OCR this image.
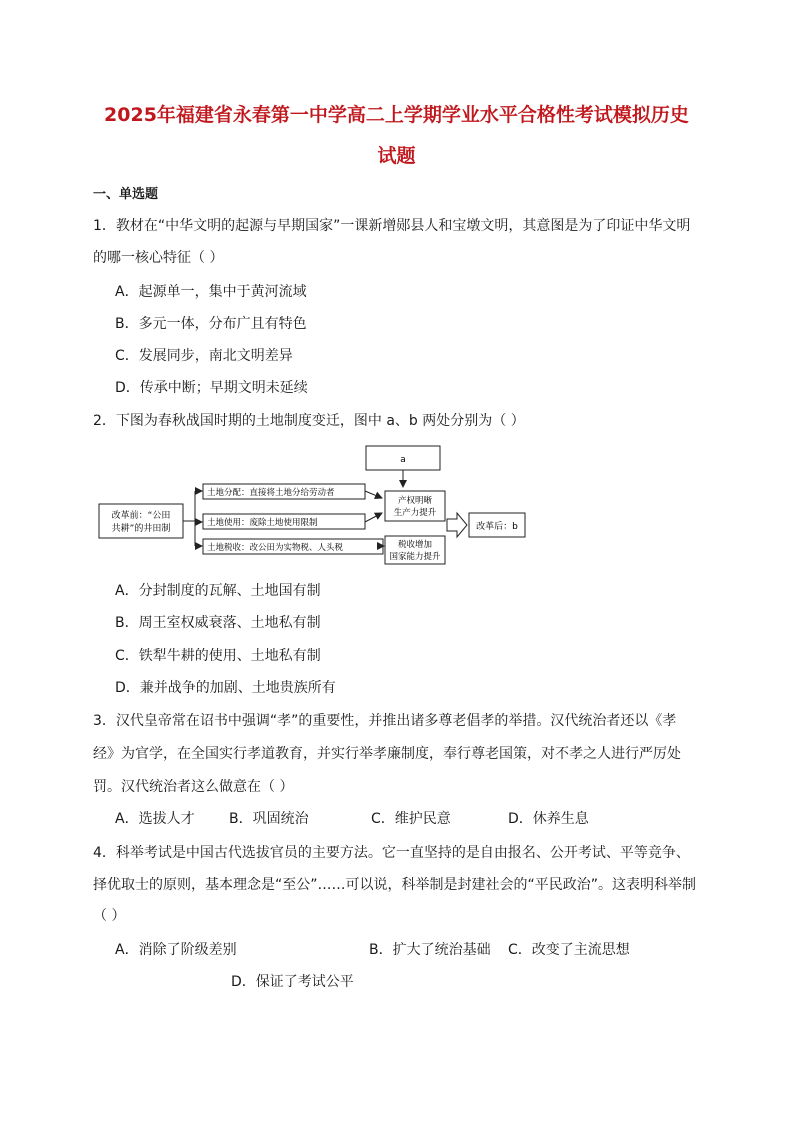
2025年福建省永春第一中学高二上学期学业水平合格性考试模拟历史
试题
一、单选题
1．教材在“中华文明的起源与早期国家”一课新增郧县人和宝墩文明，其意图是为了印证中华文明
的哪一核心特征（ ）
A．起源单一，集中于黄河流域
B．多元一体，分布广且有特色
C．发展同步，南北文明差异
D．传承中断；早期文明未延续
2．下图为春秋战国时期的土地制度变迁，图中 a、b 两处分别为（ ）
a
改革前：“公田
共耕”的井田制
土地分配：直接将土地分给劳动者
土地使用：废除土地使用限制
土地税收：改公田为实物税、人头税
产权明晰
生产力提升
税收增加
国家能力提升
改革后：b
A．分封制度的瓦解、土地国有制
B．周王室权威衰落、土地私有制
C．铁犁牛耕的使用、土地私有制
D．兼并战争的加剧、土地贵族所有
3．汉代皇帝常在诏书中强调“孝”的重要性，并推出诸多尊老倡孝的举措。汉代统治者还以《孝
经》为官学，在全国实行孝道教育，并实行举孝廉制度，奉行尊老国策，对不孝之人进行严厉处
罚。汉代统治者这么做意在（ ）
A．选拔人才 B．巩固统治	C．维护民意	D．休养生息
4．科举考试是中国古代选拔官员的主要方法。它一直坚持的是自由报名、公开考试、平等竞争、
择优取士的原则，基本理念是“至公”……可以说，科举制是封建社会的“平民政治”。这表明科举制
（ ）
A．消除了阶级差别	B．扩大了统治基础 C．改变了主流思想
D．保证了考试公平
